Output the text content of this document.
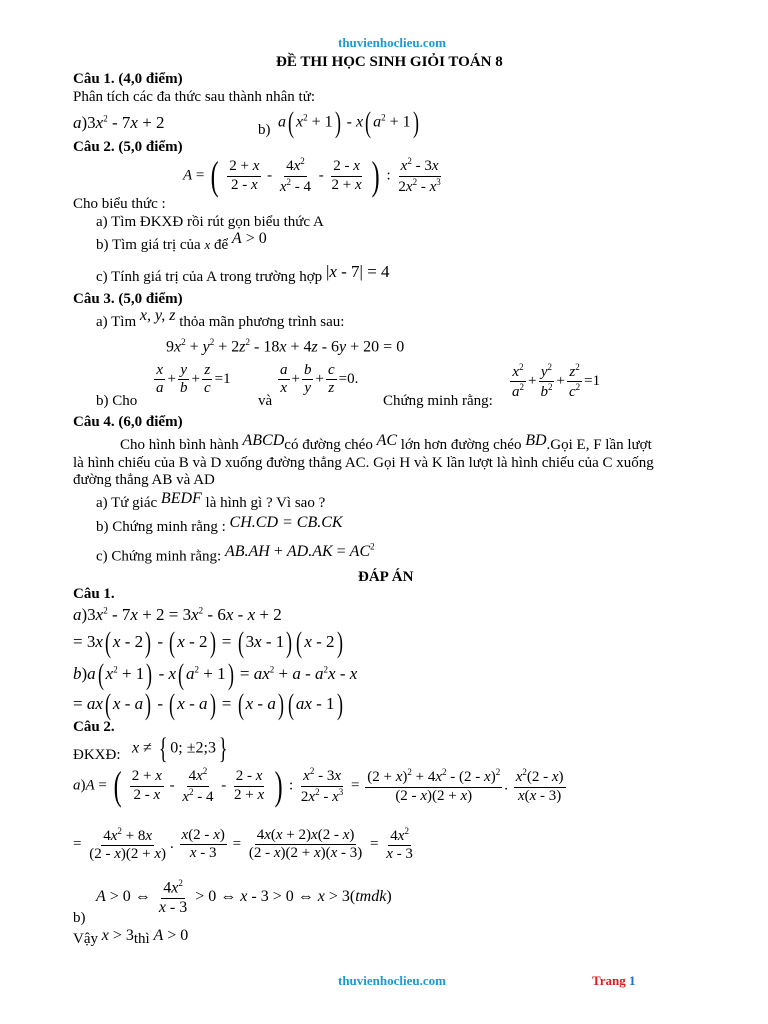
thuvienhoclieu.com
ĐỀ THI HỌC SINH GIỎI TOÁN 8
Câu 1. (4,0 điểm)
Phân tích các đa thức sau thành nhân tử:
$a)3x^2 - 7x + 2$	b) a( $x^2 + 1) - x$( $a^2 + 1$)
Câu 2. (5,0 điểm)
A = ( $\frac{2 + x}{2 - x} - \frac{4x^2}{x^2 - 4} - \frac{2 - x}{2 + x}$ ) : $\frac{x^2 - 3x}{2x^2 - x^3}$
Cho biểu thức :
a) Tìm ĐKXĐ rồi rút gọn biểu thức A
b) Tìm giá trị của x để A > 0
c) Tính giá trị của A trong trường hợp |x - 7| = 4
Câu 3. (5,0 điểm)
a) Tìm x, y, z thỏa mãn phương trình sau:
$9x^2 + y^2 + 2z^2 - 18x + 4z - 6y + 20 = 0$
b) Cho
$\frac{x}{a} + \frac{y}{b} + \frac{z}{c} =1$
và
$\frac{a}{x} + \frac{b}{y} + \frac{c}{z} =0$.
Chứng minh rằng: $\frac{x^2}{a^2} + \frac{y^2}{b^2} + \frac{z^2}{c^2} =1$
Câu 4. (6,0 điểm)
Cho hình bình hành ABCDcó đường chéo AC lớn hơn đường chéo BD.Gọi E, F lần lượt
là hình chiếu của B và D xuống đường thẳng AC. Gọi H và K lần lượt là hình chiếu của C xuống
đường thẳng AB và AD
a) Tứ giác BEDF là hình gì ? Vì sao ?
b) Chứng minh rằng : CH.CD = CB.CK
c) Chứng minh rằng: $AB.AH + AD.AK = AC^2$
ĐÁP ÁN
Câu 1.
$a)3x^2 - 7x + 2 = 3x^2 - 6x - x + 2$
= 3x( x - 2) - ( x - 2) = ( 3x - 1) ( x - 2)
b)a( $x^2 + 1) - x$( $a^2 + 1) = ax^2 + a - a^2x - x$
= ax( x - a) - ( x - a) = ( x - a) ( ax - 1)
Câu 2.
ĐKXĐ: x ≠ { 0; ±2;3}
a)A = ( $\frac{2 + x}{2 - x} - \frac{4x^2}{x^2 - 4} - \frac{2 - x}{2 + x}$ ) : $\frac{x^2 - 3x}{2x^2 - x^3} = \frac{(2 + x)^2 + 4x^2 - (2 - x)^2}{(2 - x)(2 + x)}$ . $\frac{x^2(2 - x)}{x(x - 3)}$
= $\frac{4x^2 + 8x}{(2 - x)(2 + x)}$ . $\frac{x(2 - x)}{x - 3} = \frac{4x(x + 2)x(2 - x)}{(2 - x)(2 + x)(x - 3)} = \frac{4x^2}{x - 3}$
A > 0 ⇔ $\frac{4x^2}{x - 3} > 0$ ⇔ x - 3 > 0 ⇔ x > 3(tmdk)
b)
Vậy x > 3thì A > 0
thuvienhoclieu.com	Trang 1
